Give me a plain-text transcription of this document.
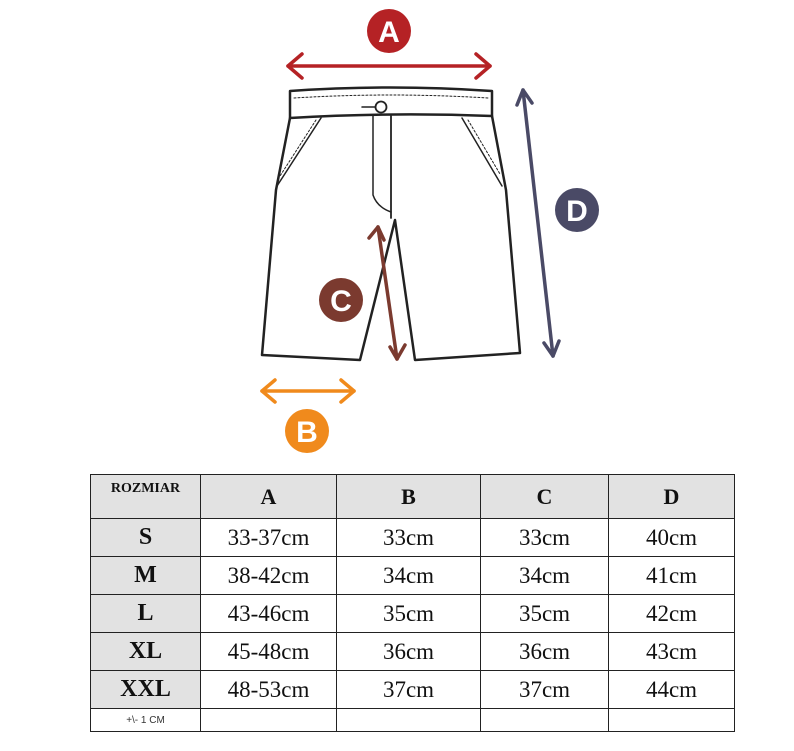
A
B
C
D
ROZMIAR	A	B	C	D
S	33-37cm	33cm	33cm	40cm
M	38-42cm	34cm	34cm	41cm
L	43-46cm	35cm	35cm	42cm
XL	45-48cm	36cm	36cm	43cm
XXL	48-53cm	37cm	37cm	44cm
+\- 1 CM				
